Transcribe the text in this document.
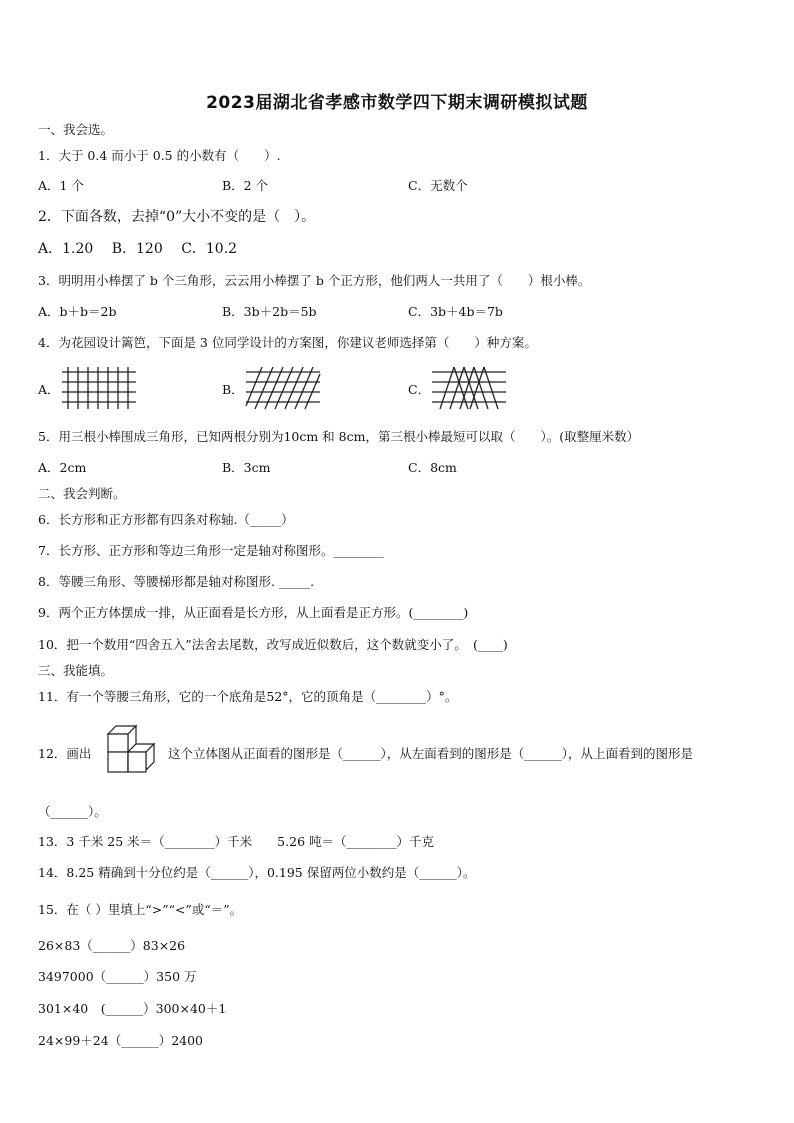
2023届湖北省孝感市数学四下期末调研模拟试题
一、我会选。
1．大于 0.4 而小于 0.5 的小数有（　　）.
A．1 个	B．2 个	C．无数个
2．下面各数，去掉“0”大小不变的是（　）。
A．1.20　 B．120　 C．10.2
3．明明用小棒摆了 b 个三角形，云云用小棒摆了 b 个正方形，他们两人一共用了（　　）根小棒。
A．b＋b＝2b	B．3b＋2b＝5b	C．3b＋4b＝7b
4．为花园设计篱笆，下面是 3 位同学设计的方案图，你建议老师选择第（　　）种方案。
A．	B．	C．
5．用三根小棒围成三角形，已知两根分别为10cm 和 8cm，第三根小棒最短可以取（　　）。(取整厘米数）
A．2cm	B．3cm	C．8cm
二、我会判断。
6．长方形和正方形都有四条对称轴.（_____）
7．长方形、正方形和等边三角形一定是轴对称图形。________
8．等腰三角形、等腰梯形都是轴对称图形. _____.
9．两个正方体摆成一排，从正面看是长方形，从上面看是正方形。(________)
10．把一个数用“四舍五入”法舍去尾数，改写成近似数后，这个数就变小了。　(____)
三、我能填。
11．有一个等腰三角形，它的一个底角是52°，它的顶角是（________）°。
12．画出	这个立体图从正面看的图形是（______），从左面看到的图形是（______），从上面看到的图形是
（______）。
13．3 千米 25 米＝（________）千米　　5.26 吨＝（________）千克
14．8.25 精确到十分位约是（______），0.195 保留两位小数约是（______）。
15．在（ ）里填上“>”“<”或“＝”。
26×83（______）83×26
3497000（______）350 万
301×40　(______）300×40＋1
24×99＋24（______）2400
